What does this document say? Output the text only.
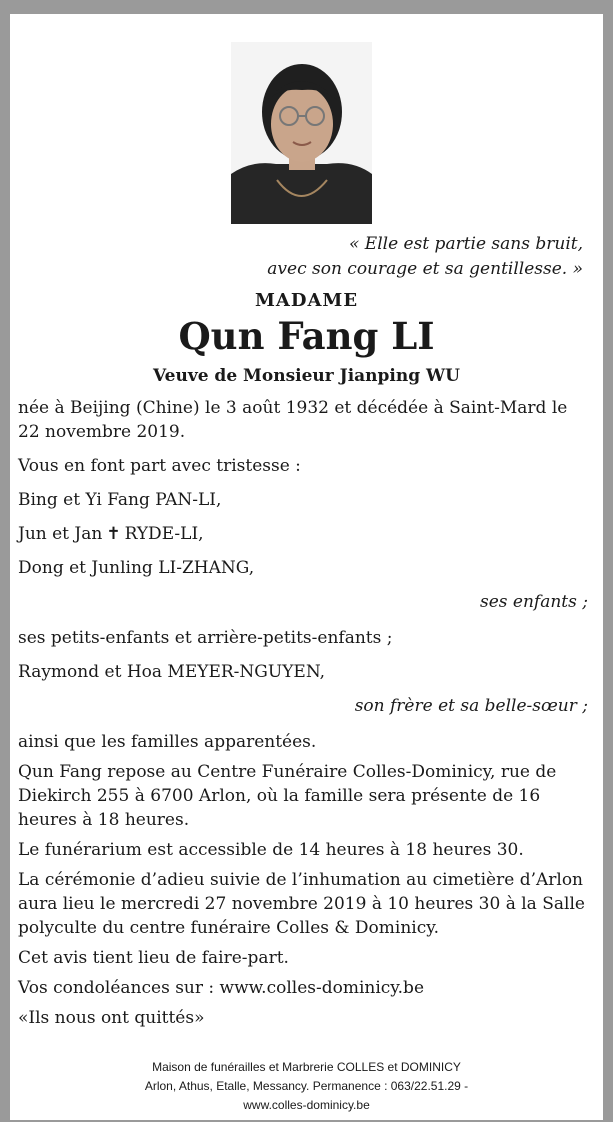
« Elle est partie sans bruit,
avec son courage et sa gentillesse. »
MADAME
Qun Fang LI
Veuve de Monsieur Jianping WU

née à Beijing (Chine) le 3 août 1932 et décédée à Saint-Mard le 22 novembre 2019.

Vous en font part avec tristesse :

Bing et Yi Fang PAN-LI,

Jun et Jan ✝ RYDE-LI,

Dong et Junling LI-ZHANG,

ses enfants ;

ses petits-enfants et arrière-petits-enfants ;

Raymond et Hoa MEYER-NGUYEN,

son frère et sa belle-sœur ;

ainsi que les familles apparentées.

Qun Fang repose au Centre Funéraire Colles-Dominicy, rue de Diekirch 255 à 6700 Arlon, où la famille sera présente de 16 heures à 18 heures.

Le funérarium est accessible de 14 heures à 18 heures 30.

La cérémonie d’adieu suivie de l’inhumation au cimetière d’Arlon aura lieu le mercredi 27 novembre 2019 à 10 heures 30 à la Salle polyculte du centre funéraire Colles & Dominicy.

Cet avis tient lieu de faire-part.

Vos condoléances sur : www.colles-dominicy.be

«Ils nous ont quittés»

Maison de funérailles et Marbrerie COLLES et DOMINICY
Arlon, Athus, Etalle, Messancy. Permanence : 063/22.51.29 -
www.colles-dominicy.be
